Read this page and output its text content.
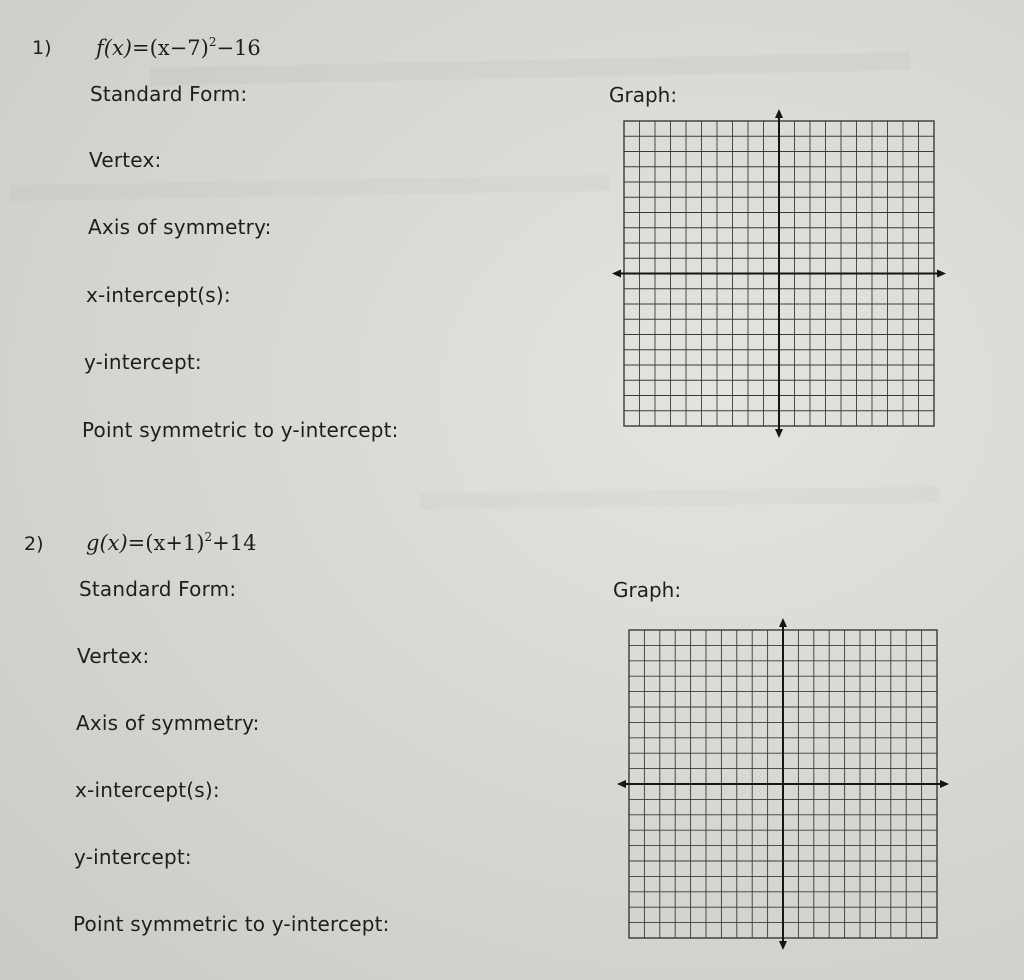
1) $f(x)=(x-7)^2-16$
Standard Form:
Vertex:
Axis of symmetry:
x-intercept(s):
y-intercept:
Point symmetric to y-intercept:
Graph:
2) $g(x)=(x+1)^2+14$
Standard Form:
Vertex:
Axis of symmetry:
x-intercept(s):
y-intercept:
Point symmetric to y-intercept:
Graph:
